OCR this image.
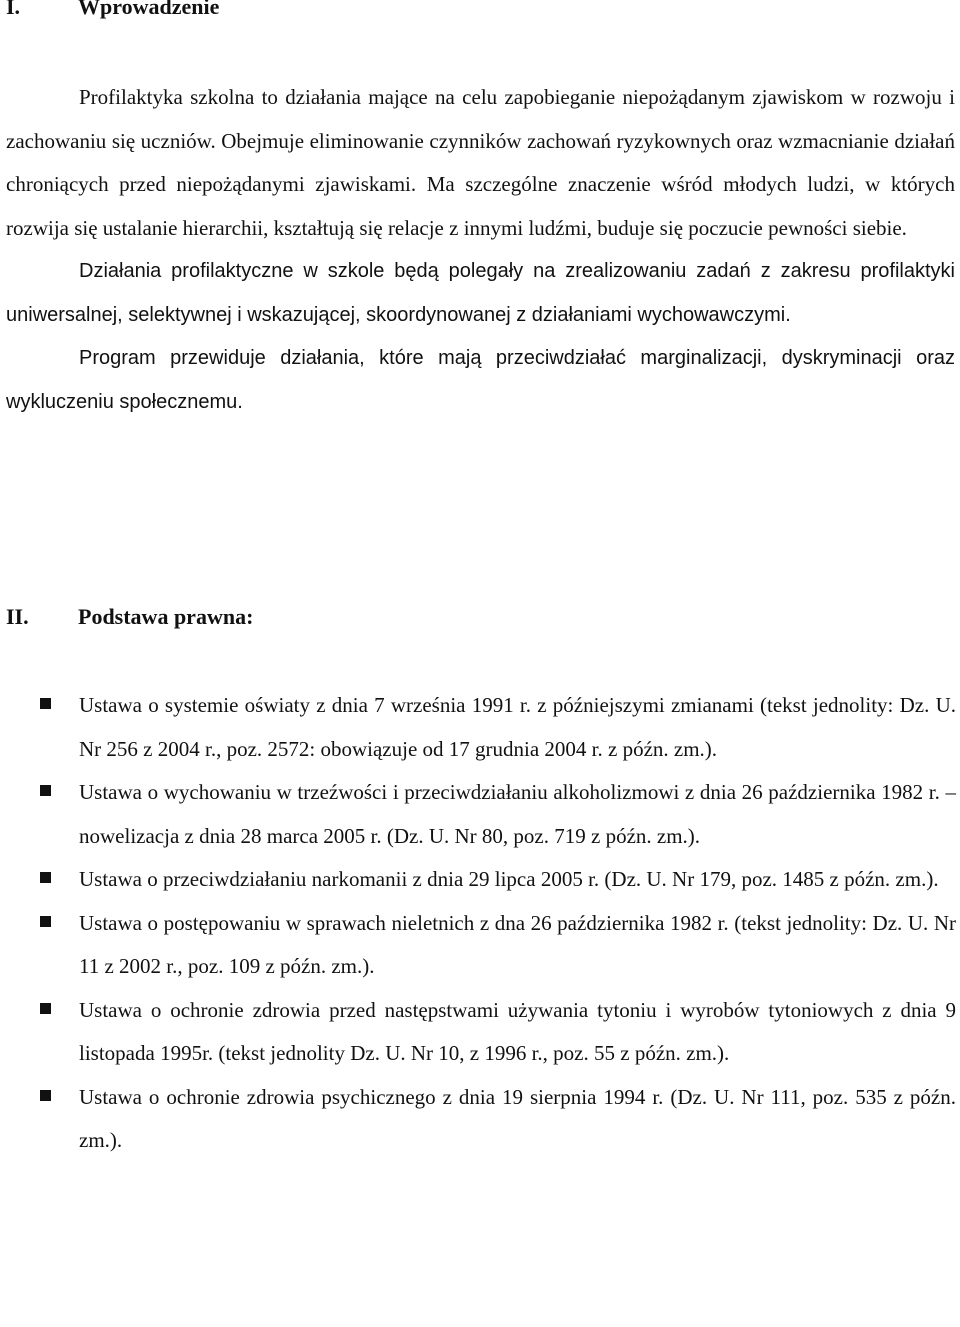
I.	Wprowadzenie

Profilaktyka szkolna to działania mające na celu zapobieganie niepożądanym zjawiskom w rozwoju i zachowaniu się uczniów. Obejmuje eliminowanie czynników zachowań ryzykownych oraz wzmacnianie działań chroniących przed niepożądanymi zjawiskami. Ma szczególne znaczenie wśród młodych ludzi, w których rozwija się ustalanie hierarchii, kształtują się relacje z innymi ludźmi, buduje się poczucie pewności siebie.

Działania profilaktyczne w szkole będą polegały na zrealizowaniu zadań z zakresu profilaktyki uniwersalnej, selektywnej i wskazującej, skoordynowanej z działaniami wychowawczymi.

Program przewiduje działania, które mają przeciwdziałać marginalizacji, dyskryminacji oraz wykluczeniu społecznemu.

II. Podstawa prawna:
Ustawa o systemie oświaty z dnia 7 września 1991 r. z późniejszymi zmianami (tekst jednolity: Dz. U. Nr 256 z 2004 r., poz. 2572: obowiązuje od 17 grudnia 2004 r. z późn. zm.).
Ustawa o wychowaniu w trzeźwości i przeciwdziałaniu alkoholizmowi z dnia 26 października 1982 r. – nowelizacja z dnia 28 marca 2005 r. (Dz. U. Nr 80, poz. 719 z późn. zm.).
Ustawa o przeciwdziałaniu narkomanii z dnia 29 lipca 2005 r. (Dz. U. Nr 179, poz. 1485 z późn. zm.).
Ustawa o postępowaniu w sprawach nieletnich z dna 26 października 1982 r. (tekst jednolity: Dz. U. Nr 11 z 2002 r., poz. 109 z późn. zm.).
Ustawa o ochronie zdrowia przed następstwami używania tytoniu i wyrobów tytoniowych z dnia 9 listopada 1995r. (tekst jednolity Dz. U. Nr 10, z 1996 r., poz. 55 z późn. zm.).
Ustawa o ochronie zdrowia psychicznego z dnia 19 sierpnia 1994 r. (Dz. U. Nr 111, poz. 535 z późn. zm.).
